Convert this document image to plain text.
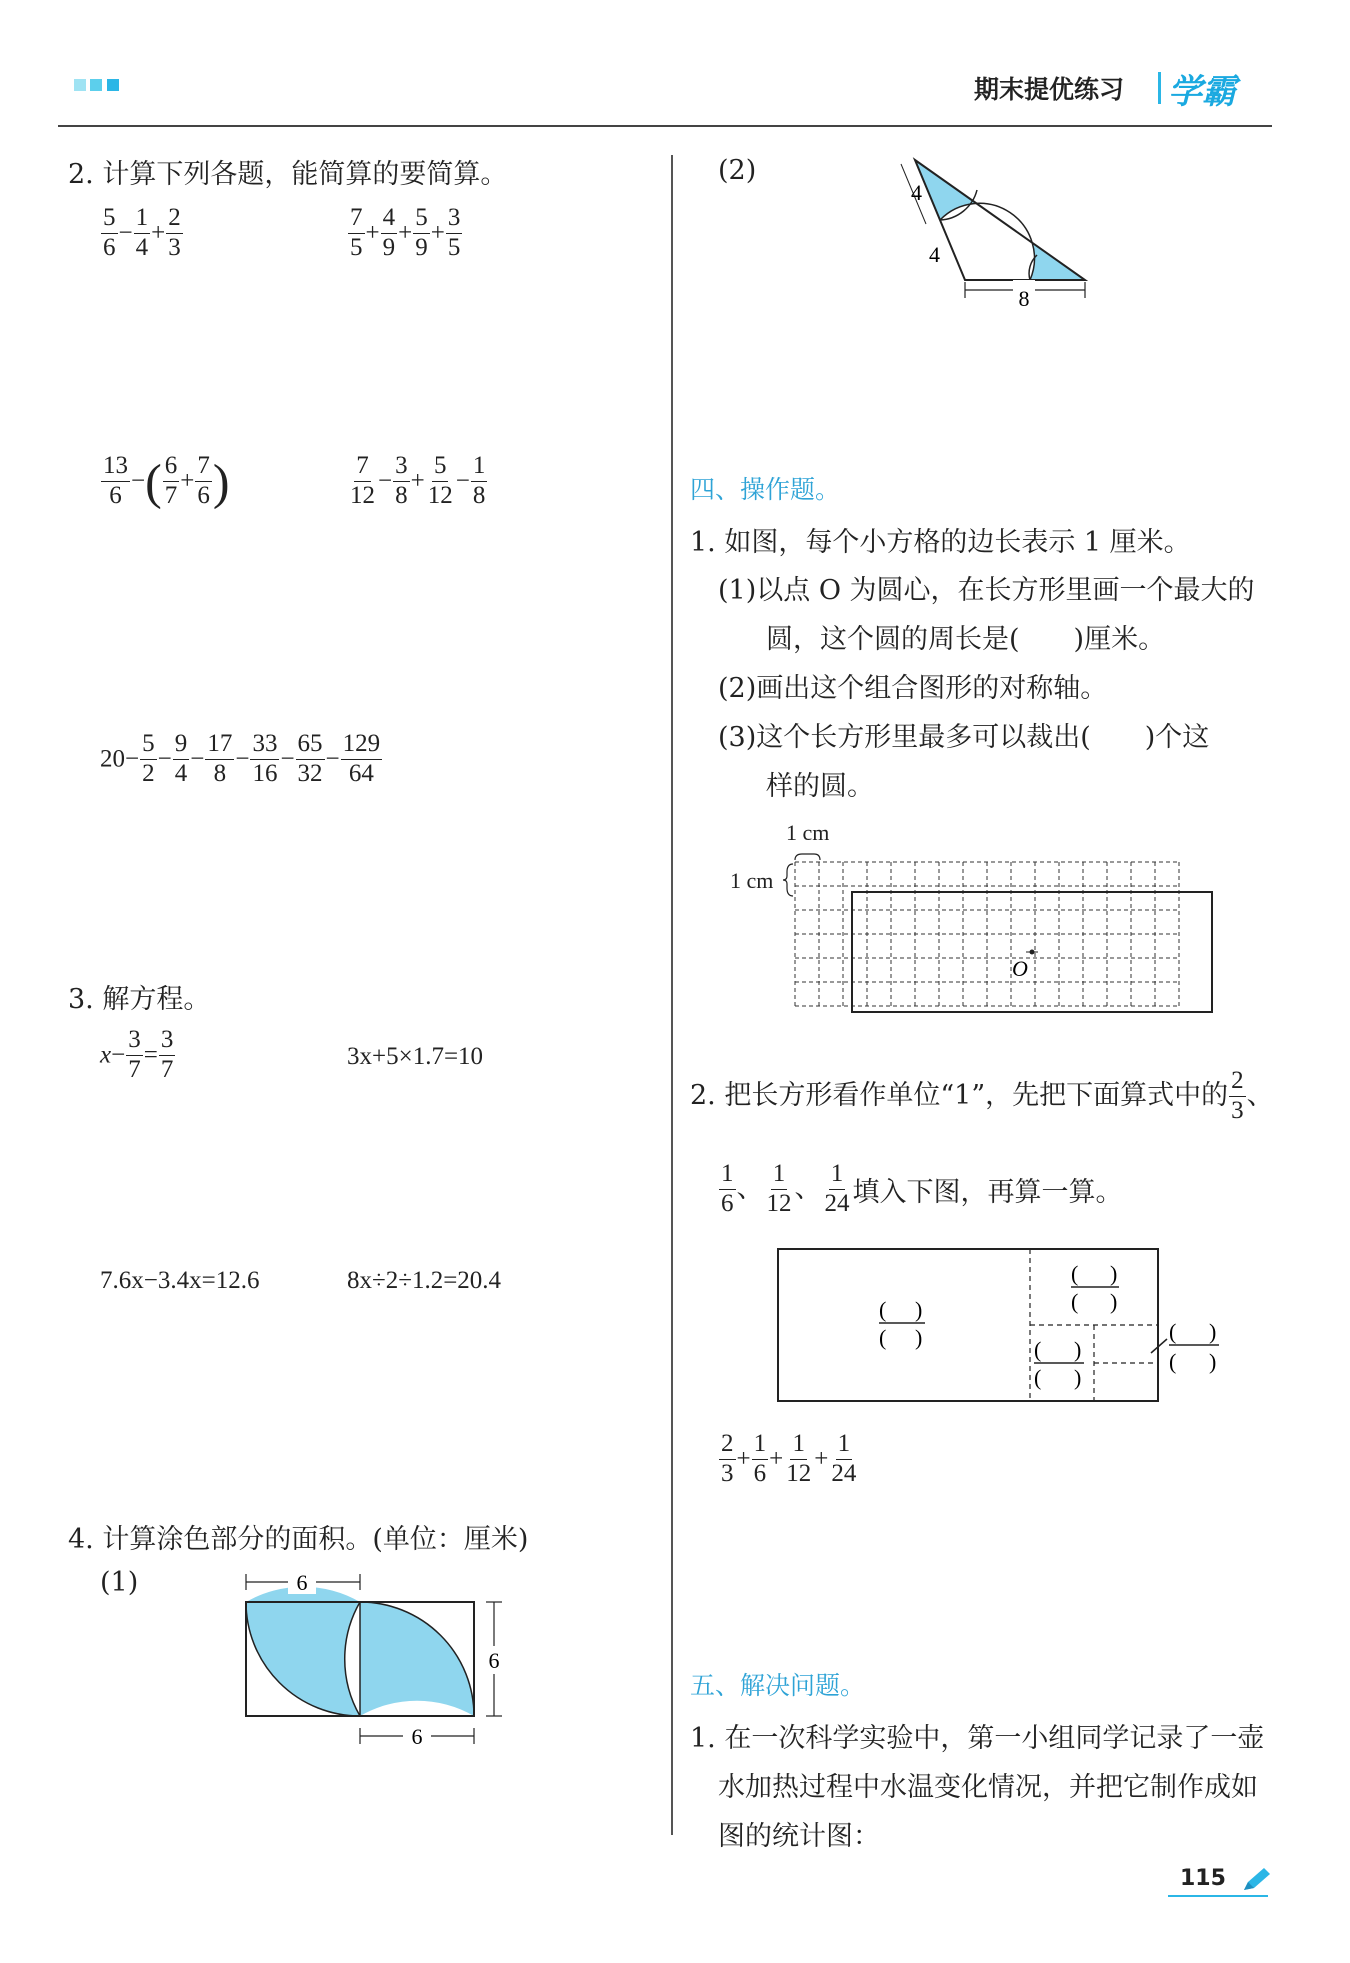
期末提优练习 学霸
2. 计算下列各题，能简算的要简算。
$\frac{5}{6} - \frac{1}{4} + \frac{2}{3}$	$\frac{7}{5} + \frac{4}{9} + \frac{5}{9} + \frac{3}{5}$
$\frac{13}{6}$ −( $\frac{6}{7} + \frac{7}{6}$ )	$\frac{7}{12} - \frac{3}{8} + \frac{5}{12} - \frac{1}{8}$
$20- \frac{5}{2} - \frac{9}{4} - \frac{17}{8} - \frac{33}{16} - \frac{65}{32} - \frac{129}{64}$
3. 解方程。
$x- \frac{3}{7} = \frac{3}{7}$	3x+5×1.7=10
7.6x−3.4x=12.6	8x÷2÷1.2=20.4
4. 计算涂色部分的面积。(单位：厘米)
(1)	6
6
6
(2)
4
4
8
四、操作题。
1. 如图，每个小方格的边长表示 1 厘米。
(1)以点 O 为圆心，在长方形里画一个最大的
圆，这个圆的周长是(　　)厘米。
(2)画出这个组合图形的对称轴。
(3)这个长方形里最多可以裁出(　　)个这
样的圆。
1 cm
1 cm
O
2. 把长方形看作单位“1”，先把下面算式中的 $\frac{2}{3}$ 、
$\frac{1}{6}$ 、 $\frac{1}{12}$ 、 $\frac{1}{24}$ 填入下图，再算一算。
( )
( )
( )
( )
( )
( )
( )
( )
$\frac{2}{3} + \frac{1}{6} + \frac{1}{12} + \frac{1}{24}$
五、解决问题。
1. 在一次科学实验中，第一小组同学记录了一壶
水加热过程中水温变化情况，并把它制作成如
图的统计图：
115
